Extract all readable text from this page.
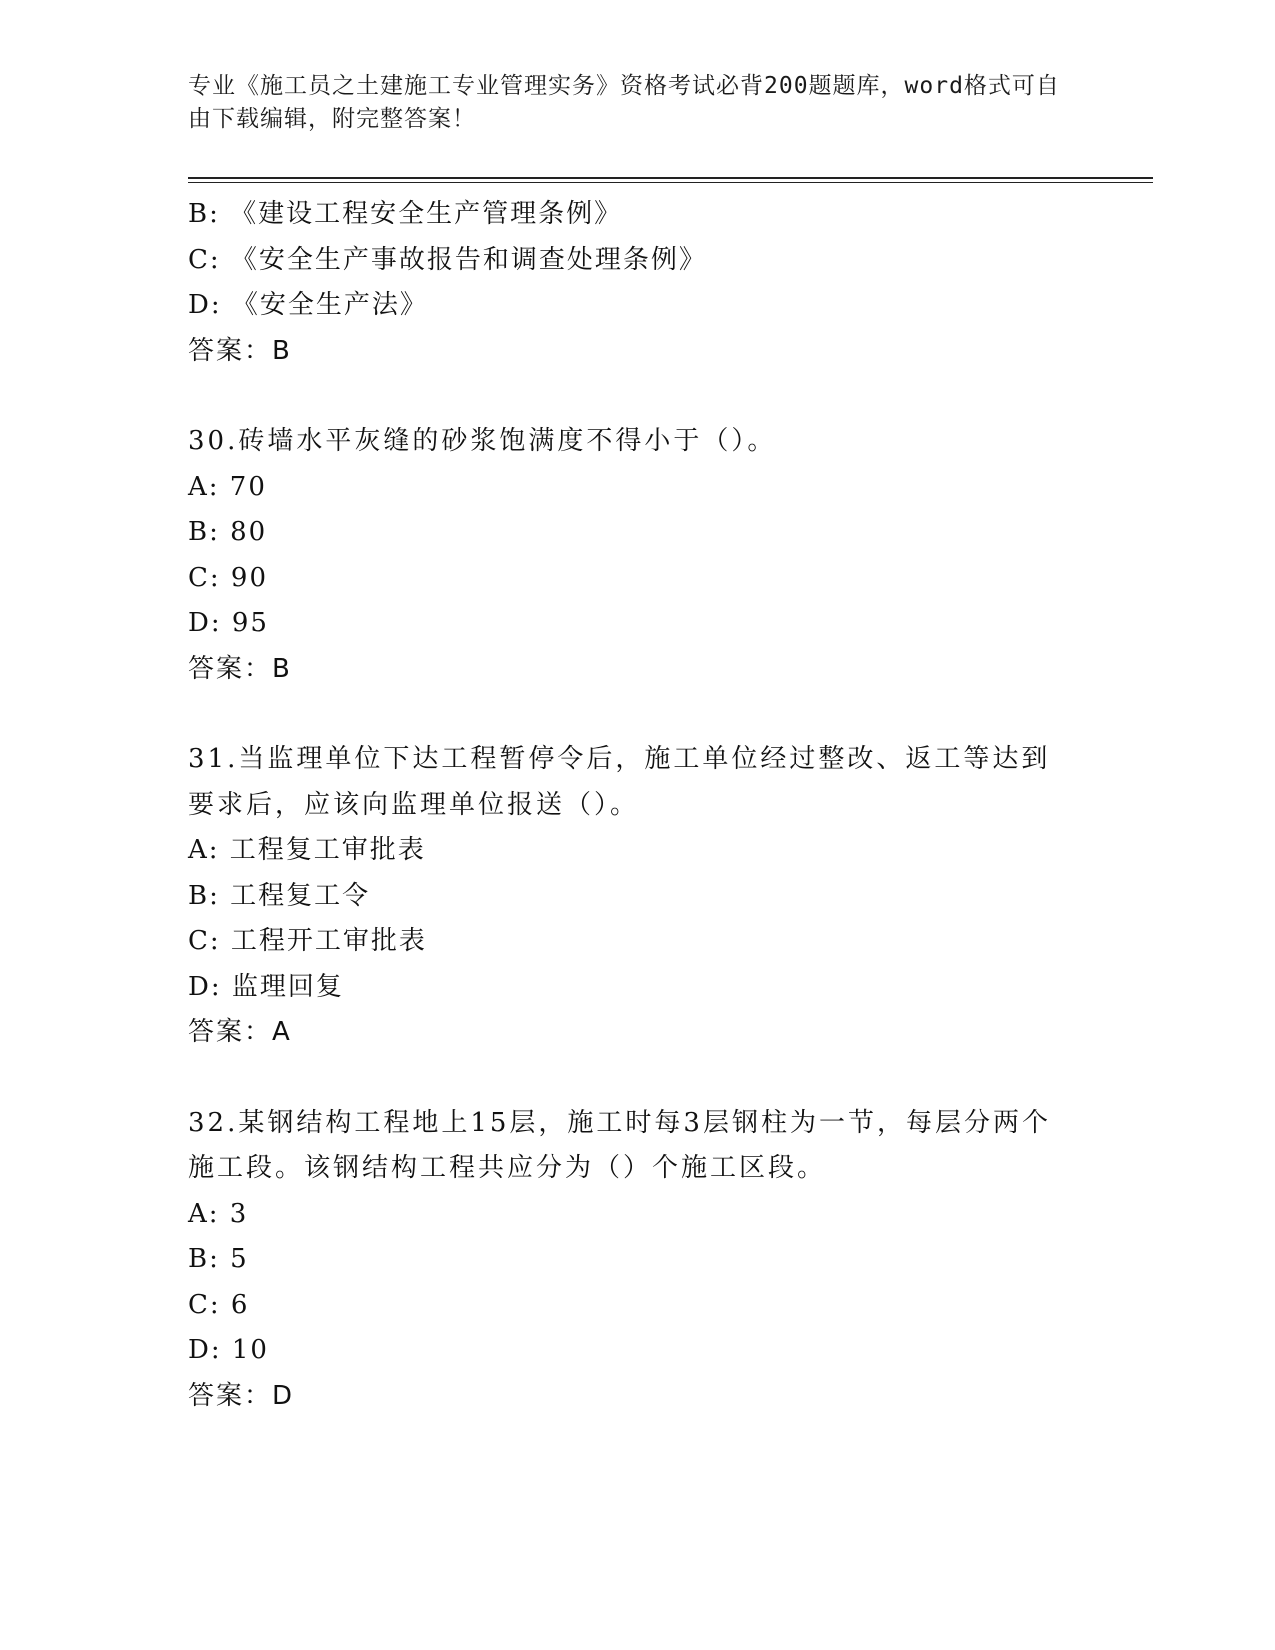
专业《施工员之土建施工专业管理实务》资格考试必背200题题库，word格式可自由下载编辑，附完整答案！
B: 《建设工程安全生产管理条例》
C: 《安全生产事故报告和调查处理条例》
D: 《安全生产法》
答案：B
30.砖墙水平灰缝的砂浆饱满度不得小于（）。
A: 70
B: 80
C: 90
D: 95
答案：B
31.当监理单位下达工程暂停令后，施工单位经过整改、返工等达到要求后，应该向监理单位报送（）。
A: 工程复工审批表
B: 工程复工令
C: 工程开工审批表
D: 监理回复
答案：A
32.某钢结构工程地上15层，施工时每3层钢柱为一节，每层分两个施工段。该钢结构工程共应分为（）个施工区段。
A: 3
B: 5
C: 6
D: 10
答案：D
